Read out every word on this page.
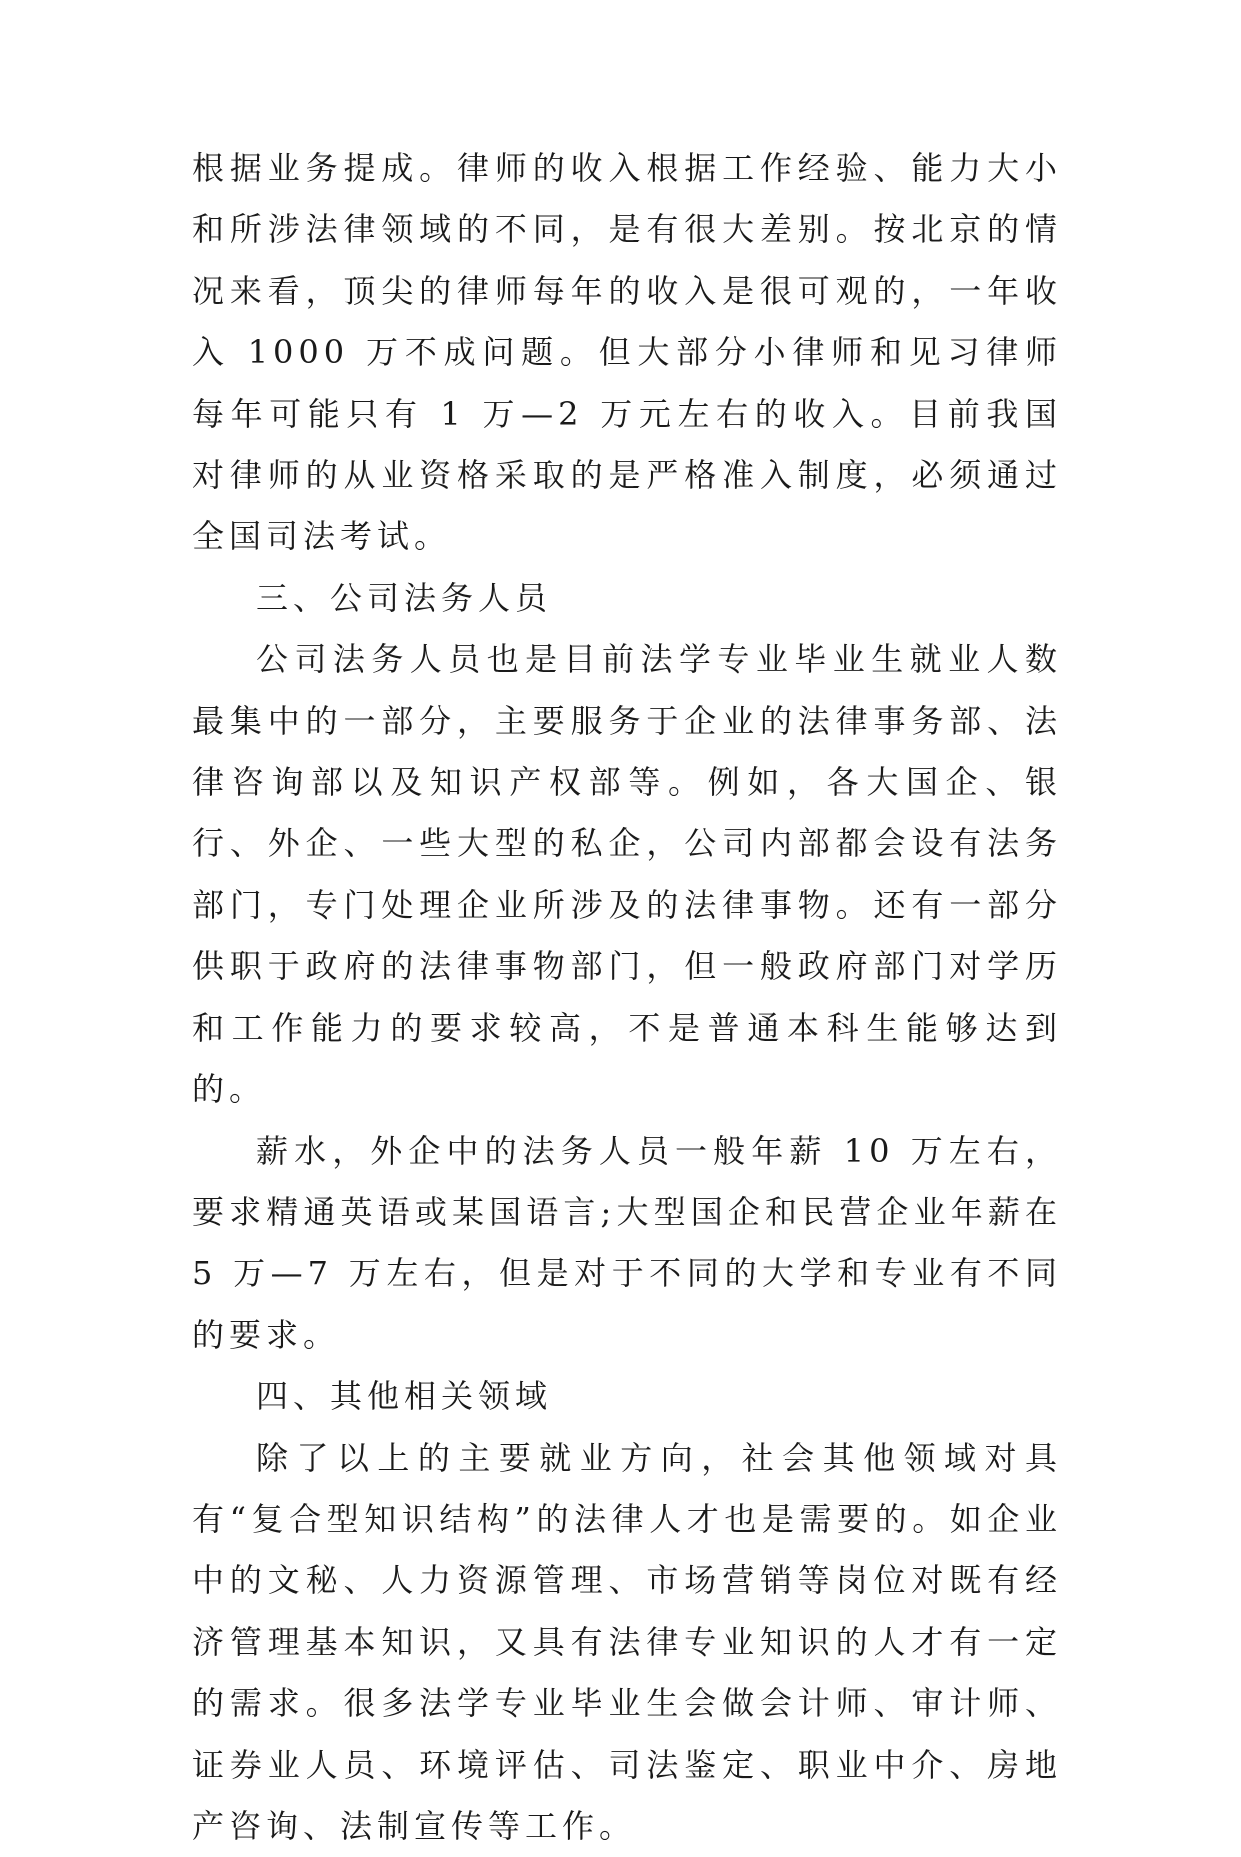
根据业务提成。律师的收入根据工作经验、能力大小和所涉法律领域的不同，是有很大差别。按北京的情况来看，顶尖的律师每年的收入是很可观的，一年收入 1000 万不成问题。但大部分小律师和见习律师每年可能只有 1 万—2 万元左右的收入。目前我国对律师的从业资格采取的是严格准入制度，必须通过全国司法考试。

三、公司法务人员

公司法务人员也是目前法学专业毕业生就业人数最集中的一部分，主要服务于企业的法律事务部、法律咨询部以及知识产权部等。例如，各大国企、银行、外企、一些大型的私企，公司内部都会设有法务部门，专门处理企业所涉及的法律事物。还有一部分供职于政府的法律事物部门，但一般政府部门对学历和工作能力的要求较高，不是普通本科生能够达到的。

薪水，外企中的法务人员一般年薪 10 万左右，要求精通英语或某国语言;大型国企和民营企业年薪在 5 万—7 万左右，但是对于不同的大学和专业有不同的要求。

四、其他相关领域

除了以上的主要就业方向，社会其他领域对具有“复合型知识结构”的法律人才也是需要的。如企业中的文秘、人力资源管理、市场营销等岗位对既有经济管理基本知识，又具有法律专业知识的人才有一定的需求。很多法学专业毕业生会做会计师、审计师、证券业人员、环境评估、司法鉴定、职业中介、房地产咨询、法制宣传等工作。
